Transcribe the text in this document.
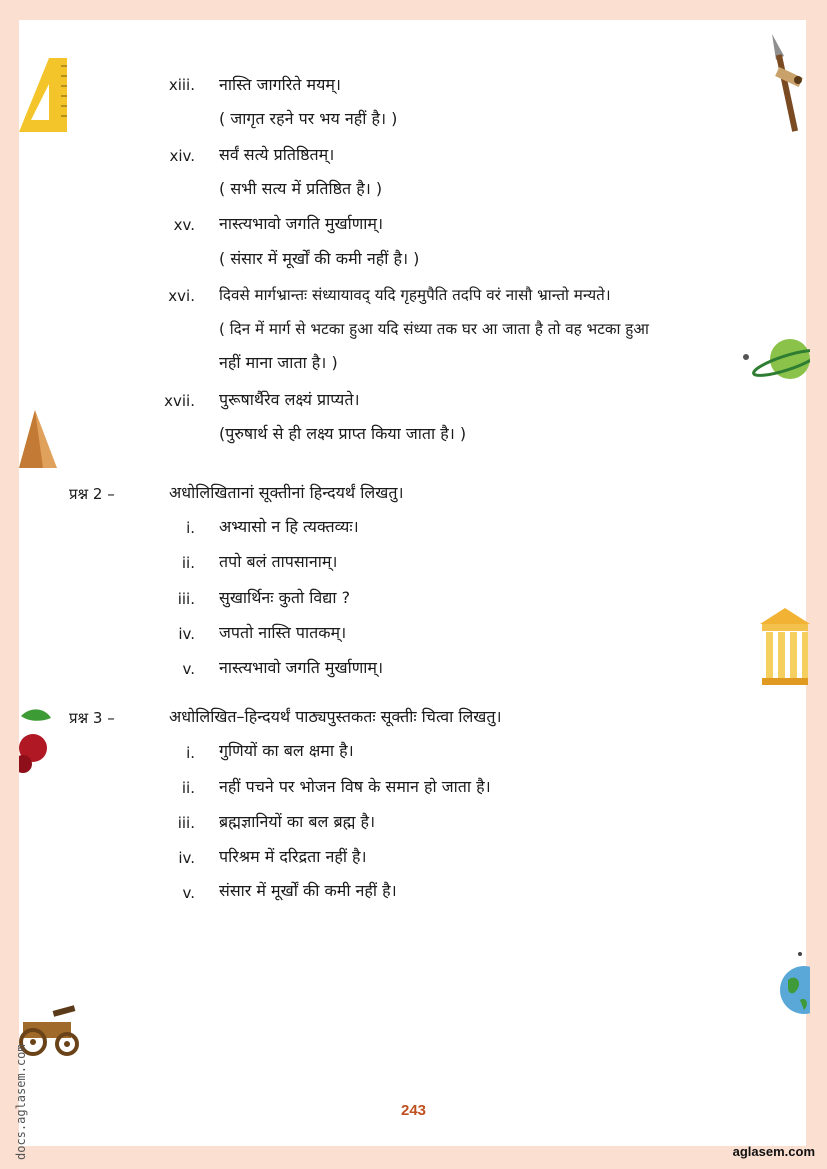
xiii. नास्ति जागरिते मयम्।
( जागृत रहने पर भय नहीं है। )
xiv. सर्वं सत्ये प्रतिष्ठितम्।
( सभी सत्य में प्रतिष्ठित है। )
xv. नास्त्यभावो जगति मुर्खाणाम्।
( संसार में मूर्खों की कमी नहीं है। )
xvi. दिवसे मार्गभ्रान्तः संध्यायावद् यदि गृहमुपैति तदपि वरं नासौ भ्रान्तो मन्यते।
( दिन में मार्ग से भटका हुआ यदि संध्या तक घर आ जाता है तो वह भटका हुआ
नहीं माना जाता है। )
xvii. पुरूषार्थैरेव लक्ष्यं प्राप्यते।
(पुरुषार्थ से ही लक्ष्य प्राप्त किया जाता है। )
प्रश्न 2 –	अधोलिखितानां सूक्तीनां हिन्दयर्थं लिखतु।
i. अभ्यासो न हि त्यक्तव्यः।
ii. तपो बलं तापसानाम्।
iii. सुखार्थिनः कुतो विद्या ?
iv. जपतो नास्ति पातकम्।
v. नास्त्यभावो जगति मुर्खाणाम्।
प्रश्न 3 –	अधोलिखित–हिन्दयर्थं पाठ्यपुस्तकतः सूक्तीः चित्वा लिखतु।
i. गुणियों का बल क्षमा है।
ii. नहीं पचने पर भोजन विष के समान हो जाता है।
iii. ब्रह्मज्ञानियों का बल ब्रह्म है।
iv. परिश्रम में दरिद्रता नहीं है।
v. संसार में मूर्खों की कमी नहीं है।
243
aglasem.com
docs.aglasem.com
